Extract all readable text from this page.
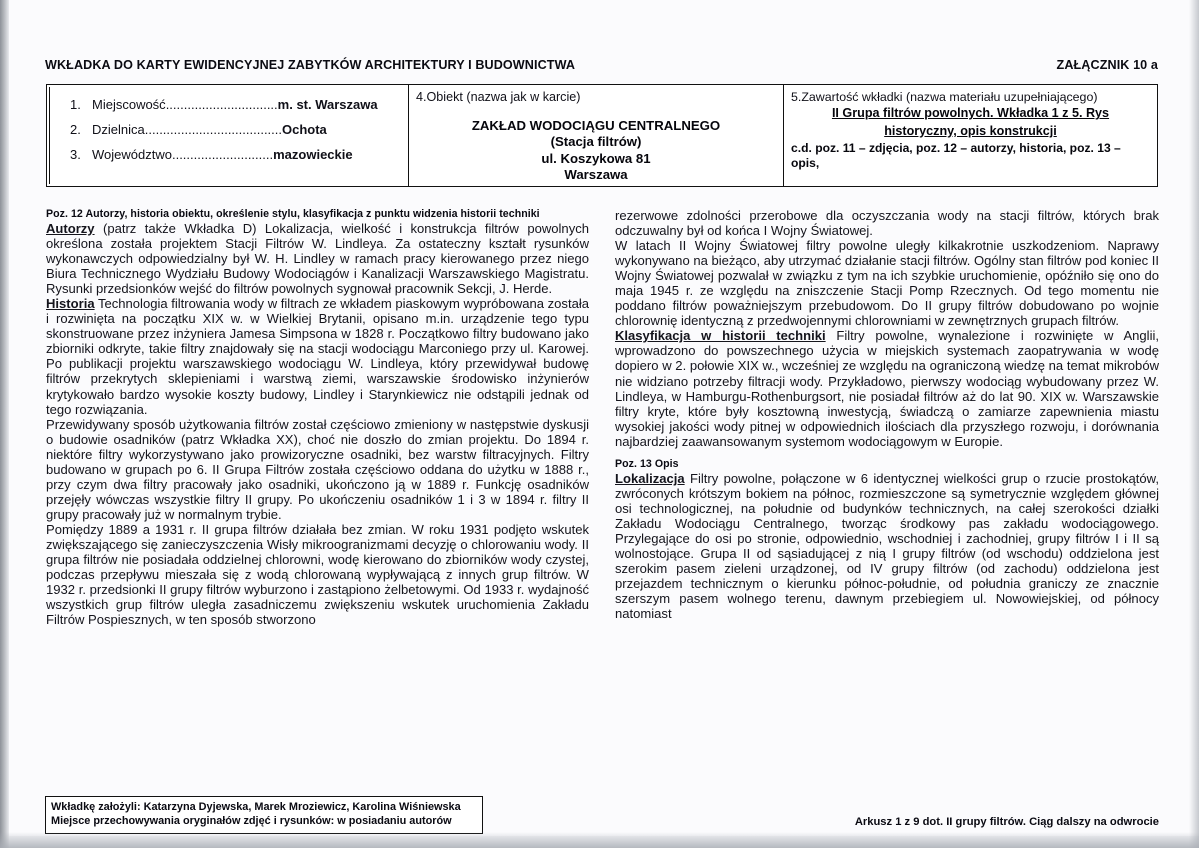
WKŁADKA DO KARTY EWIDENCYJNEJ ZABYTKÓW ARCHITEKTURY I BUDOWNICTWA	ZAŁĄCZNIK 10 a
1. Miejscowość ............................... m. st. Warszawa
2. Dzielnica ...................................... Ochota
3. Województwo ............................ mazowieckie
4.Obiekt (nazwa jak w karcie)
ZAKŁAD WODOCIĄGU CENTRALNEGO
(Stacja filtrów)
ul. Koszykowa 81
Warszawa
5.Zawartość wkładki (nazwa materiału uzupełniającego)
II Grupa filtrów powolnych. Wkładka 1 z 5. Rys
historyczny, opis konstrukcji
c.d. poz. 11 – zdjęcia, poz. 12 – autorzy, historia, poz. 13 – opis,
Poz. 12 Autorzy, historia obiektu, określenie stylu, klasyfikacja z punktu widzenia historii techniki

Autorzy (patrz także Wkładka D) Lokalizacja, wielkość i konstrukcja filtrów powolnych określona została projektem Stacji Filtrów W. Lindleya. Za ostateczny kształt rysunków wykonawczych odpowiedzialny był W. H. Lindley w ramach pracy kierowanego przez niego Biura Technicznego Wydziału Budowy Wodociągów i Kanalizacji Warszawskiego Magistratu. Rysunki przedsionków wejść do filtrów powolnych sygnował pracownik Sekcji, J. Herde.

Historia Technologia filtrowania wody w filtrach ze wkładem piaskowym wypróbowana została i rozwinięta na początku XIX w. w Wielkiej Brytanii, opisano m.in. urządzenie tego typu skonstruowane przez inżyniera Jamesa Simpsona w 1828 r. Początkowo filtry budowano jako zbiorniki odkryte, takie filtry znajdowały się na stacji wodociągu Marconiego przy ul. Karowej. Po publikacji projektu warszawskiego wodociągu W. Lindleya, który przewidywał budowę filtrów przekrytych sklepieniami i warstwą ziemi, warszawskie środowisko inżynierów krytykowało bardzo wysokie koszty budowy, Lindley i Starynkiewicz nie odstąpili jednak od tego rozwiązania.

Przewidywany sposób użytkowania filtrów został częściowo zmieniony w następstwie dyskusji o budowie osadników (patrz Wkładka XX), choć nie doszło do zmian projektu. Do 1894 r. niektóre filtry wykorzystywano jako prowizoryczne osadniki, bez warstw filtracyjnych. Filtry budowano w grupach po 6. II Grupa Filtrów została częściowo oddana do użytku w 1888 r., przy czym dwa filtry pracowały jako osadniki, ukończono ją w 1889 r. Funkcję osadników przejęły wówczas wszystkie filtry II grupy. Po ukończeniu osadników 1 i 3 w 1894 r. filtry II grupy pracowały już w normalnym trybie.

Pomiędzy 1889 a 1931 r. II grupa filtrów działała bez zmian. W roku 1931 podjęto wskutek zwiększającego się zanieczyszczenia Wisły mikroogranizmami decyzję o chlorowaniu wody. II grupa filtrów nie posiadała oddzielnej chlorowni, wodę kierowano do zbiorników wody czystej, podczas przepływu mieszała się z wodą chlorowaną wypływającą z innych grup filtrów. W 1932 r. przedsionki II grupy filtrów wyburzono i zastąpiono żelbetowymi. Od 1933 r. wydajność wszystkich grup filtrów uległa zasadniczemu zwiększeniu wskutek uruchomienia Zakładu Filtrów Pospiesznych, w ten sposób stworzono

rezerwowe zdolności przerobowe dla oczyszczania wody na stacji filtrów, których brak odczuwalny był od końca I Wojny Światowej.

W latach II Wojny Światowej filtry powolne uległy kilkakrotnie uszkodzeniom. Naprawy wykonywano na bieżąco, aby utrzymać działanie stacji filtrów. Ogólny stan filtrów pod koniec II Wojny Światowej pozwalał w związku z tym na ich szybkie uruchomienie, opóźniło się ono do maja 1945 r. ze względu na zniszczenie Stacji Pomp Rzecznych. Od tego momentu nie poddano filtrów poważniejszym przebudowom. Do II grupy filtrów dobudowano po wojnie chlorownię identyczną z przedwojennymi chlorowniami w zewnętrznych grupach filtrów.

Klasyfikacja w historii techniki Filtry powolne, wynalezione i rozwinięte w Anglii, wprowadzono do powszechnego użycia w miejskich systemach zaopatrywania w wodę dopiero w 2. połowie XIX w., wcześniej ze względu na ograniczoną wiedzę na temat mikrobów nie widziano potrzeby filtracji wody. Przykładowo, pierwszy wodociąg wybudowany przez W. Lindleya, w Hamburgu-Rothenburgsort, nie posiadał filtrów aż do lat 90. XIX w. Warszawskie filtry kryte, które były kosztowną inwestycją, świadczą o zamiarze zapewnienia miastu wysokiej jakości wody pitnej w odpowiednich ilościach dla przyszłego rozwoju, i dorównania najbardziej zaawansowanym systemom wodociągowym w Europie.

Poz. 13 Opis

Lokalizacja Filtry powolne, połączone w 6 identycznej wielkości grup o rzucie prostokątów, zwróconych krótszym bokiem na północ, rozmieszczone są symetrycznie względem głównej osi technologicznej, na południe od budynków technicznych, na całej szerokości działki Zakładu Wodociągu Centralnego, tworząc środkowy pas zakładu wodociągowego. Przylegające do osi po stronie, odpowiednio, wschodniej i zachodniej, grupy filtrów I i II są wolnostojące. Grupa II od sąsiadującej z nią I grupy filtrów (od wschodu) oddzielona jest szerokim pasem zieleni urządzonej, od IV grupy filtrów (od zachodu) oddzielona jest przejazdem technicznym o kierunku północ-południe, od południa graniczy ze znacznie szerszym pasem wolnego terenu, dawnym przebiegiem ul. Nowowiejskiej, od północy natomiast

Wkładkę założyli: Katarzyna Dyjewska, Marek Mroziewicz, Karolina Wiśniewska
Miejsce przechowywania oryginałów zdjęć i rysunków: w posiadaniu autorów	Arkusz 1 z 9 dot. II grupy filtrów. Ciąg dalszy na odwrocie
